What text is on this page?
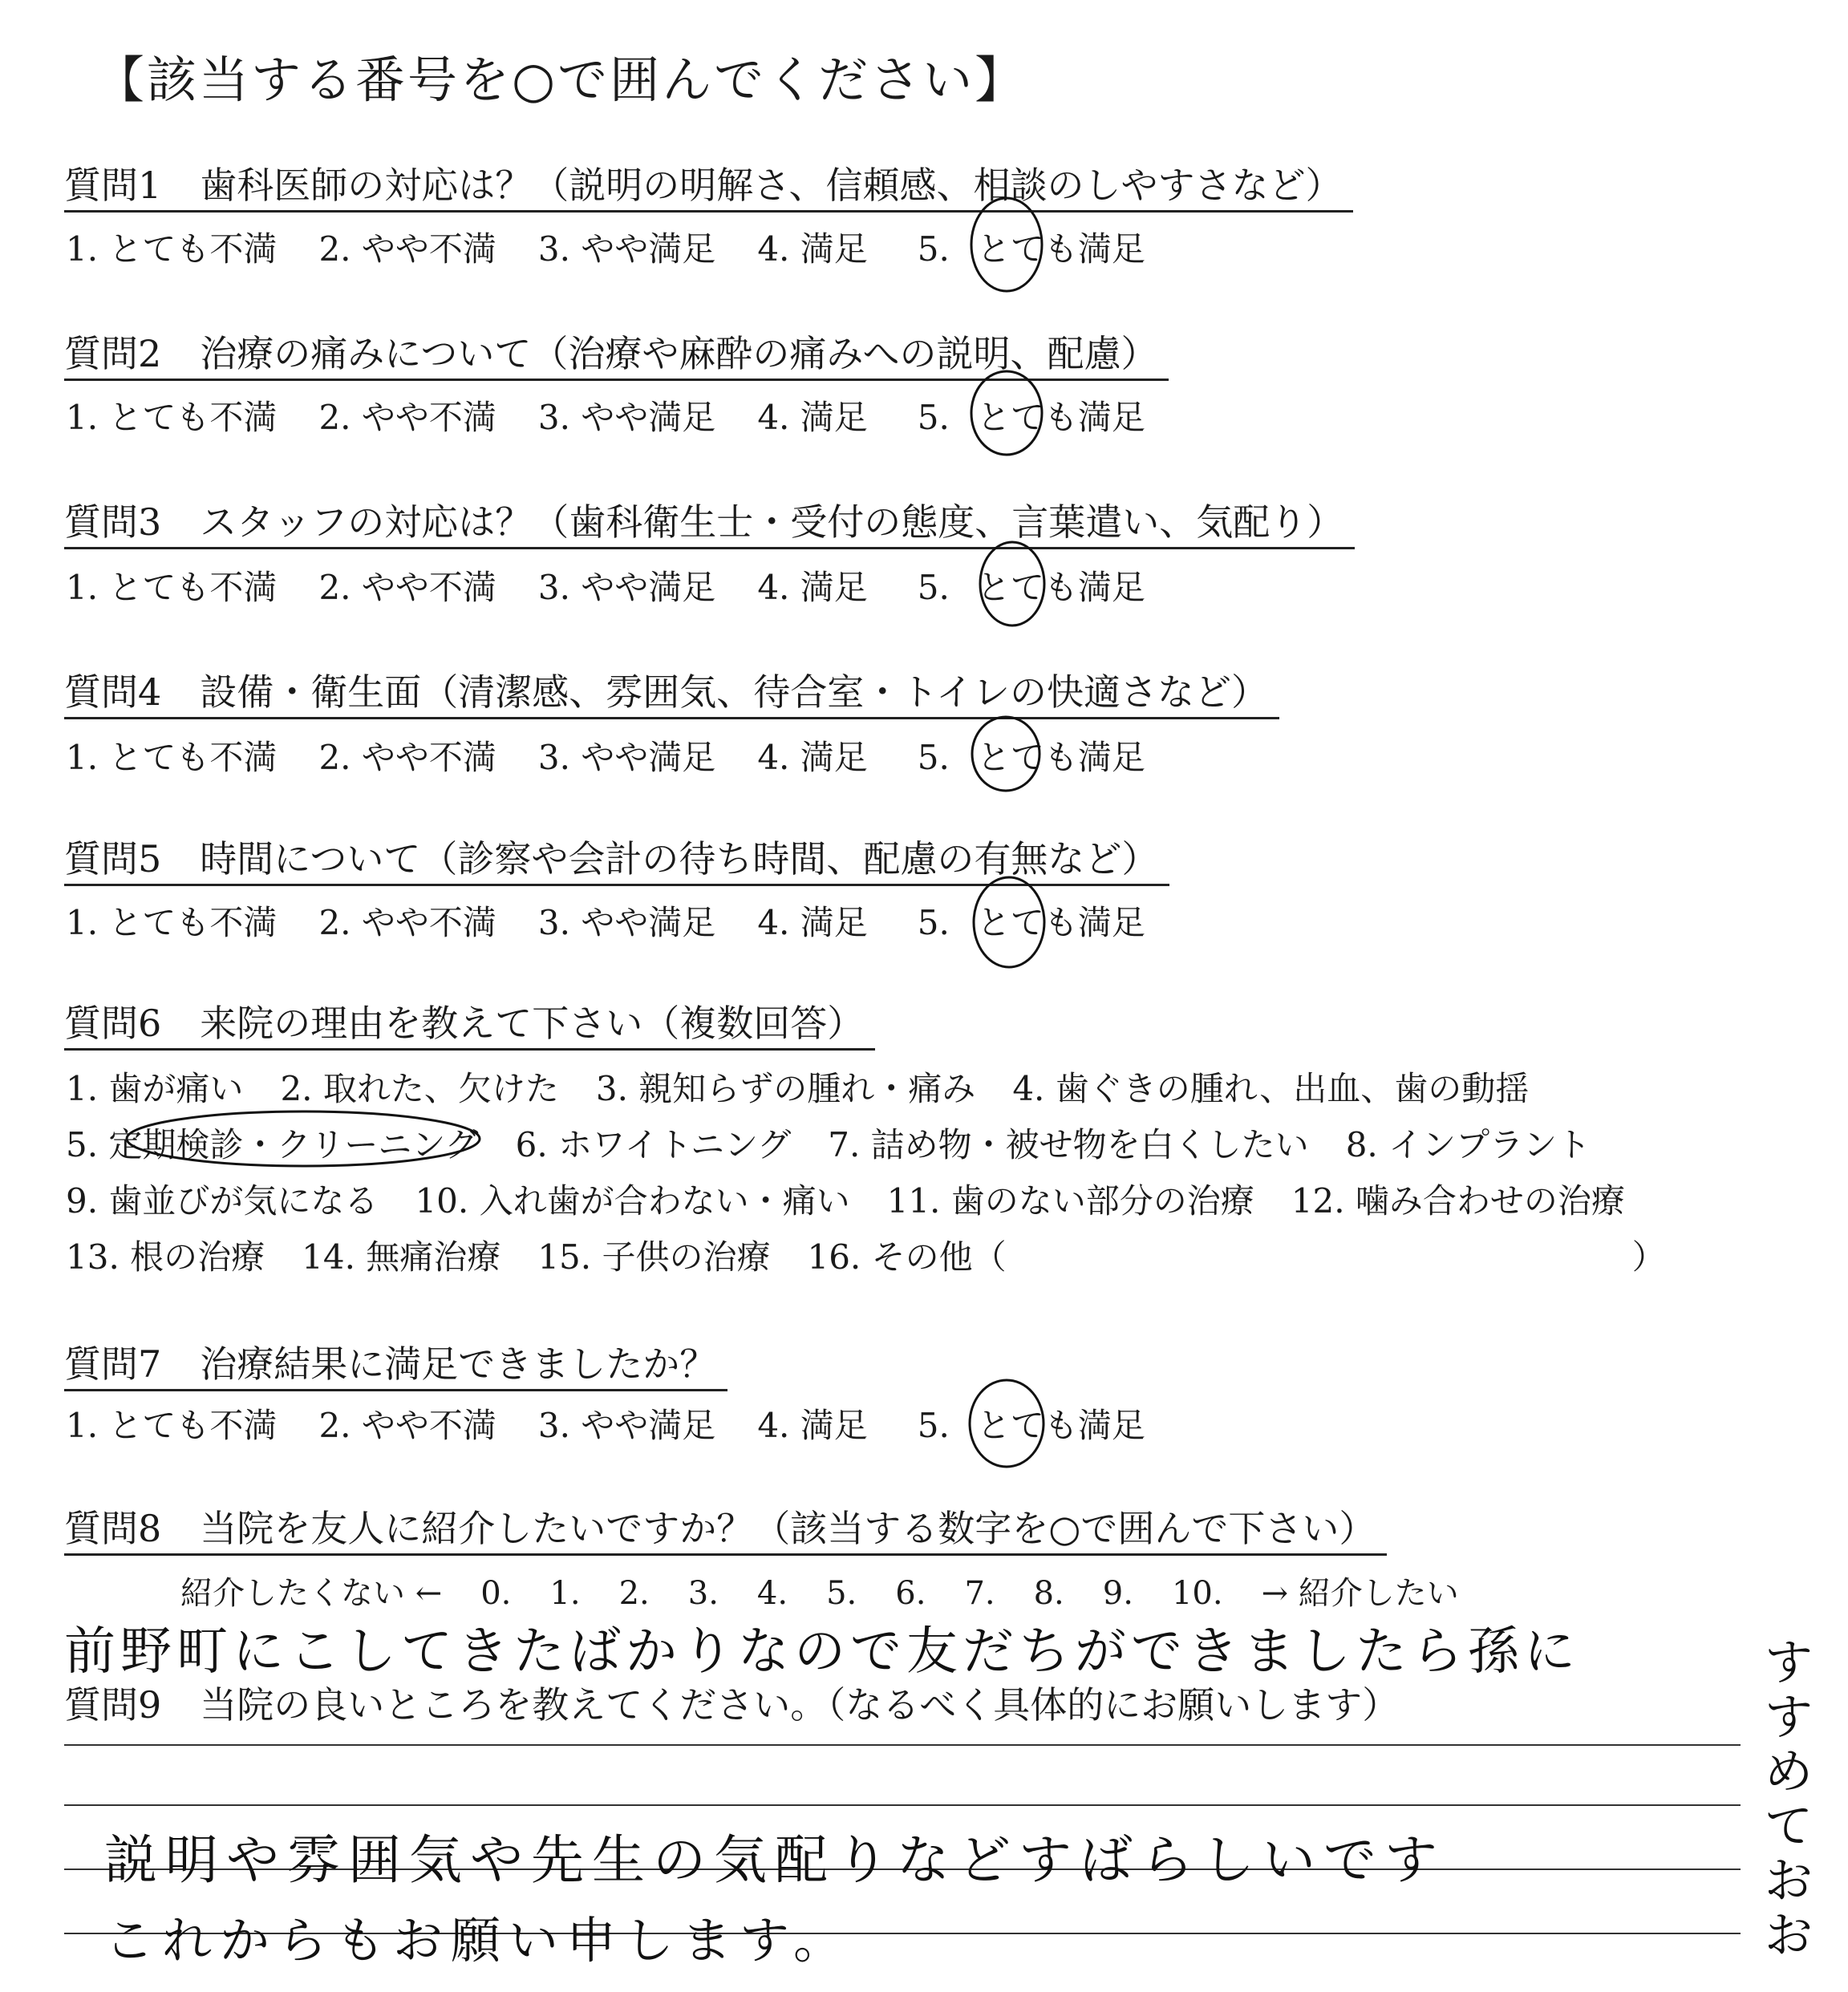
【該当する番号を○で囲んでください】
質問1 歯科医師の対応は？（説明の明解さ、信頼感、相談のしやすさなど）
1. とても不満 2. やや不満 3. やや満足 4. 満足 5. とても満足
質問2 治療の痛みについて（治療や麻酔の痛みへの説明、配慮）
1. とても不満 2. やや不満 3. やや満足 4. 満足 5. とても満足
質問3 スタッフの対応は？（歯科衛生士・受付の態度、言葉遣い、気配り）
1. とても不満 2. やや不満 3. やや満足 4. 満足 5. とても満足
質問4 設備・衛生面（清潔感、雰囲気、待合室・トイレの快適さなど）
1. とても不満 2. やや不満 3. やや満足 4. 満足 5. とても満足
質問5 時間について（診察や会計の待ち時間、配慮の有無など）
1. とても不満 2. やや不満 3. やや満足 4. 満足 5. とても満足
質問6 来院の理由を教えて下さい（複数回答）
1. 歯が痛い 2. 取れた、欠けた 3. 親知らずの腫れ・痛み 4. 歯ぐきの腫れ、出血、歯の動揺
5. 定期検診・クリーニング 6. ホワイトニング 7. 詰め物・被せ物を白くしたい 8. インプラント
9. 歯並びが気になる 10. 入れ歯が合わない・痛い 11. 歯のない部分の治療 12. 噛み合わせの治療
13. 根の治療 14. 無痛治療 15. 子供の治療 16. その他（	）
質問7 治療結果に満足できましたか？
1. とても不満 2. やや不満 3. やや満足 4. 満足 5. とても満足
質問8 当院を友人に紹介したいですか？（該当する数字を○で囲んで下さい）
紹介したくない ← 0. 1. 2. 3. 4. 5. 6. 7. 8. 9. 10. → 紹介したい
前野町にこしてきたばかりなので友だちができましたら孫に
質問9 当院の良いところを教えてください。（なるべく具体的にお願いします）
説明や雰囲気や先生の気配りなどすばらしいです
これからもお願い申します。
すすめておお
